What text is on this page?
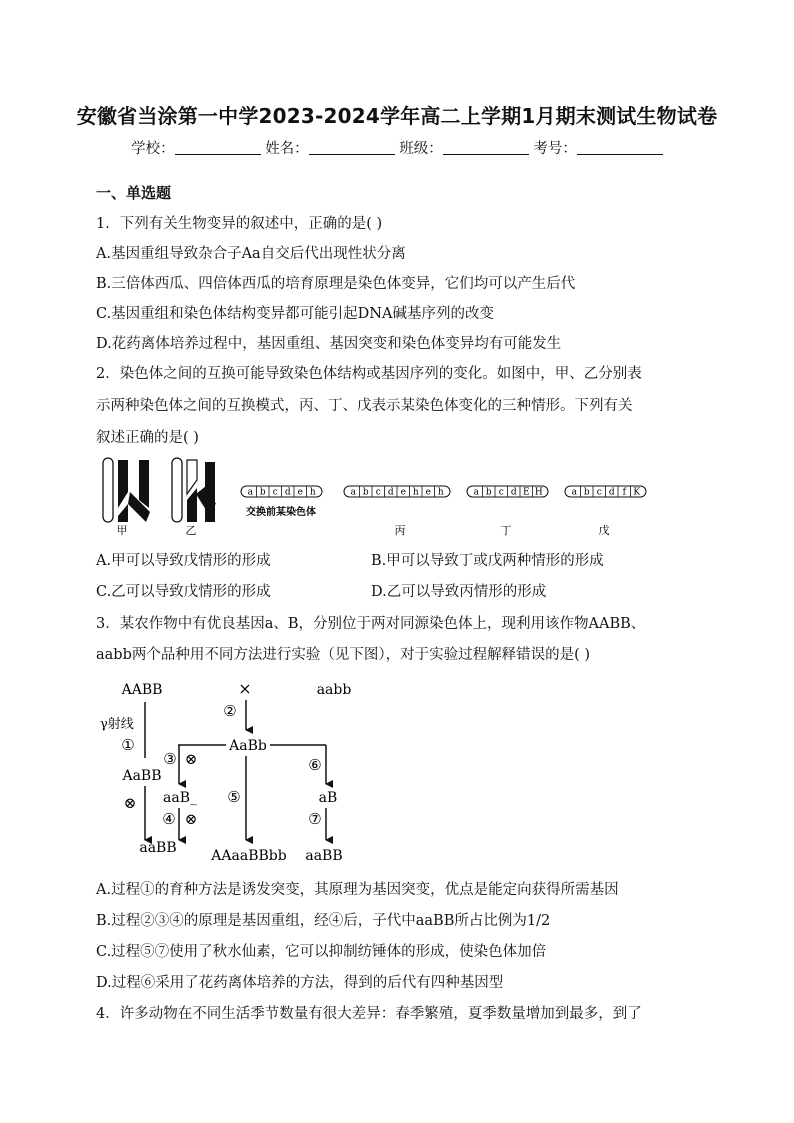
安徽省当涂第一中学2023-2024学年高二上学期1月期末测试生物试卷
学校：	姓名：	班级：	考号：
一、单选题
1．下列有关生物变异的叙述中，正确的是( )
A.基因重组导致杂合子Aa自交后代出现性状分离
B.三倍体西瓜、四倍体西瓜的培育原理是染色体变异，它们均可以产生后代
C.基因重组和染色体结构变异都可能引起DNA碱基序列的改变
D.花药离体培养过程中，基因重组、基因突变和染色体变异均有可能发生
2．染色体之间的互换可能导致染色体结构或基因序列的变化。如图中，甲、乙分别表
示两种染色体之间的互换模式，丙、丁、戊表示某染色体变化的三种情形。下列有关
叙述正确的是( )
甲	乙
a b c d e h
交换前某染色体
a b c d e h e h
丙
a b c d E H
丁
a b c d f K
戊
A.甲可以导致戊情形的形成	B.甲可以导致丁或戊两种情形的形成
C.乙可以导致戊情形的形成	D.乙可以导致丙情形的形成
3．某农作物中有优良基因a、B，分别位于两对同源染色体上，现利用该作物AABB、
aabb两个品种用不同方法进行实验（见下图），对于实验过程解释错误的是( )
AABB	×	aabb
γ射线
①
②
AaBb
AaBB
⊗
aaBB
③ ⊗
aaB_
④ ⊗
⑤
AAaaBBbb
⑥
aB
⑦
aaBB
A.过程①的育种方法是诱发突变，其原理为基因突变，优点是能定向获得所需基因
B.过程②③④的原理是基因重组，经④后，子代中aaBB所占比例为1/2
C.过程⑤⑦使用了秋水仙素，它可以抑制纺锤体的形成，使染色体加倍
D.过程⑥采用了花药离体培养的方法，得到的后代有四种基因型
4．许多动物在不同生活季节数量有很大差异：春季繁殖，夏季数量增加到最多，到了
